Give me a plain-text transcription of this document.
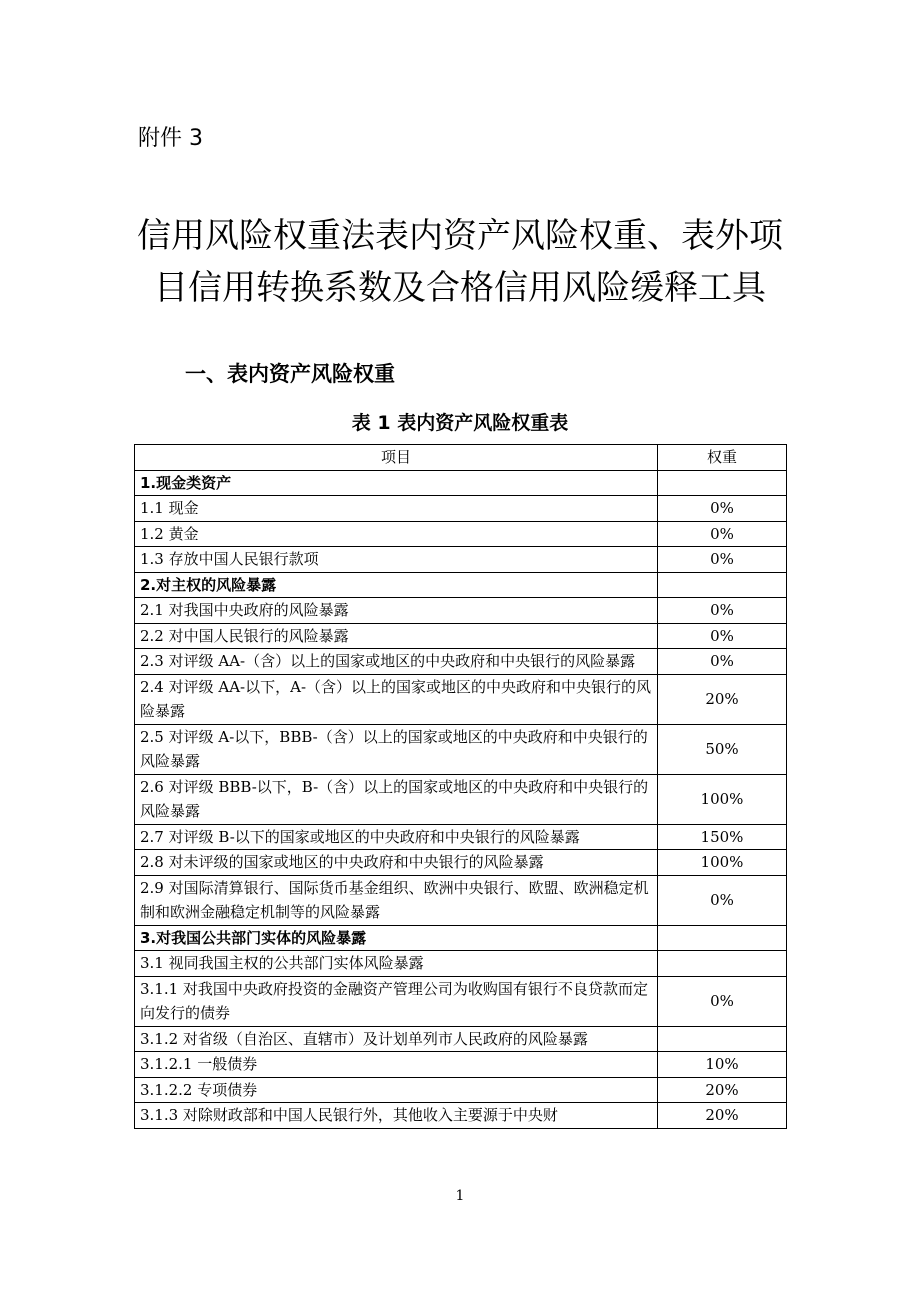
附件 3
信用风险权重法表内资产风险权重、表外项
目信用转换系数及合格信用风险缓释工具
一、表内资产风险权重
表 1 表内资产风险权重表
项目	权重
1.现金类资产	
1.1 现金	0%
1.2 黄金	0%
1.3 存放中国人民银行款项	0%
2.对主权的风险暴露	
2.1 对我国中央政府的风险暴露	0%
2.2 对中国人民银行的风险暴露	0%
2.3 对评级 AA-（含）以上的国家或地区的中央政府和中央银行的风险暴露	0%
2.4 对评级 AA-以下，A-（含）以上的国家或地区的中央政府和中央银行的风险暴露	20%
2.5 对评级 A-以下，BBB-（含）以上的国家或地区的中央政府和中央银行的风险暴露	50%
2.6 对评级 BBB-以下，B-（含）以上的国家或地区的中央政府和中央银行的风险暴露	100%
2.7 对评级 B-以下的国家或地区的中央政府和中央银行的风险暴露	150%
2.8 对未评级的国家或地区的中央政府和中央银行的风险暴露	100%
2.9 对国际清算银行、国际货币基金组织、欧洲中央银行、欧盟、欧洲稳定机制和欧洲金融稳定机制等的风险暴露	0%
3.对我国公共部门实体的风险暴露	
3.1 视同我国主权的公共部门实体风险暴露	
3.1.1 对我国中央政府投资的金融资产管理公司为收购国有银行不良贷款而定向发行的债券	0%
3.1.2 对省级（自治区、直辖市）及计划单列市人民政府的风险暴露	
3.1.2.1 一般债券	10%
3.1.2.2 专项债券	20%
3.1.3 对除财政部和中国人民银行外，其他收入主要源于中央财	20%
1
